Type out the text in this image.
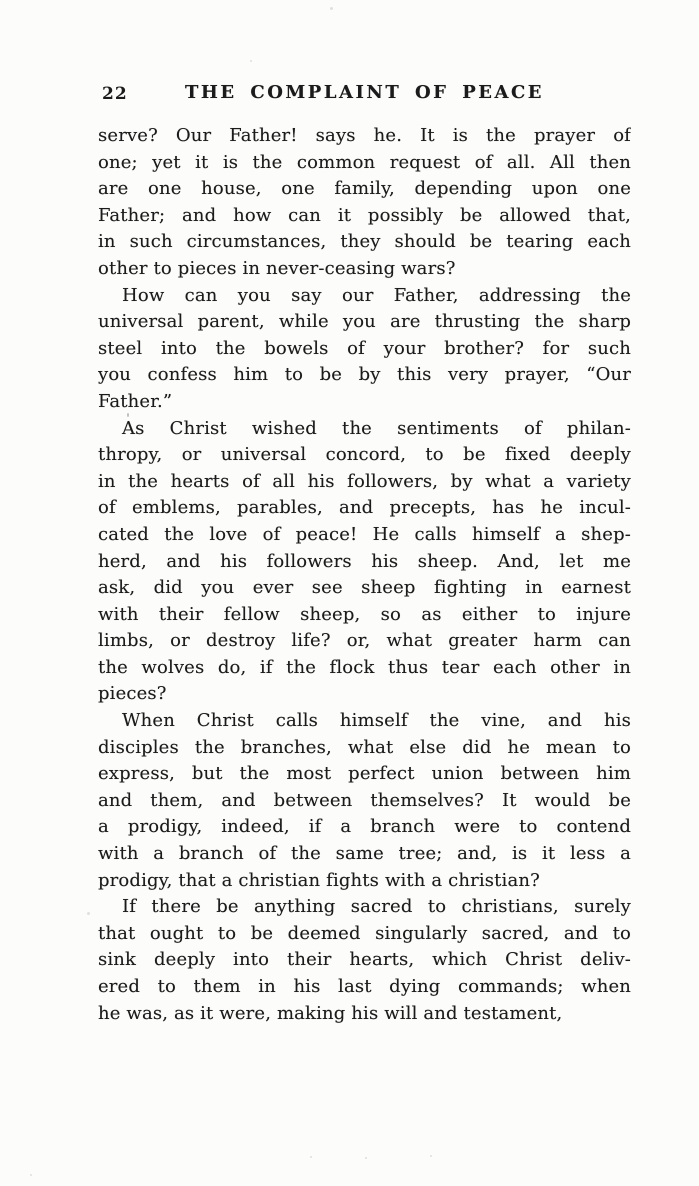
22	THE COMPLAINT OF PEACE
serve? Our Father! says he. It is the prayer of
one; yet it is the common request of all. All then
are one house, one family, depending upon one
Father; and how can it possibly be allowed that,
in such circumstances, they should be tearing each
other to pieces in never-ceasing wars?
How can you say our Father, addressing the
universal parent, while you are thrusting the sharp
steel into the bowels of your brother? for such
you confess him to be by this very prayer, “Our
Father.”
As Christ wished the sentiments of philan-
thropy, or universal concord, to be fixed deeply
in the hearts of all his followers, by what a variety
of emblems, parables, and precepts, has he incul-
cated the love of peace! He calls himself a shep-
herd, and his followers his sheep. And, let me
ask, did you ever see sheep fighting in earnest
with their fellow sheep, so as either to injure
limbs, or destroy life? or, what greater harm can
the wolves do, if the flock thus tear each other in
pieces?
When Christ calls himself the vine, and his
disciples the branches, what else did he mean to
express, but the most perfect union between him
and them, and between themselves? It would be
a prodigy, indeed, if a branch were to contend
with a branch of the same tree; and, is it less a
prodigy, that a christian fights with a christian?
If there be anything sacred to christians, surely
that ought to be deemed singularly sacred, and to
sink deeply into their hearts, which Christ deliv-
ered to them in his last dying commands; when
he was, as it were, making his will and testament,
